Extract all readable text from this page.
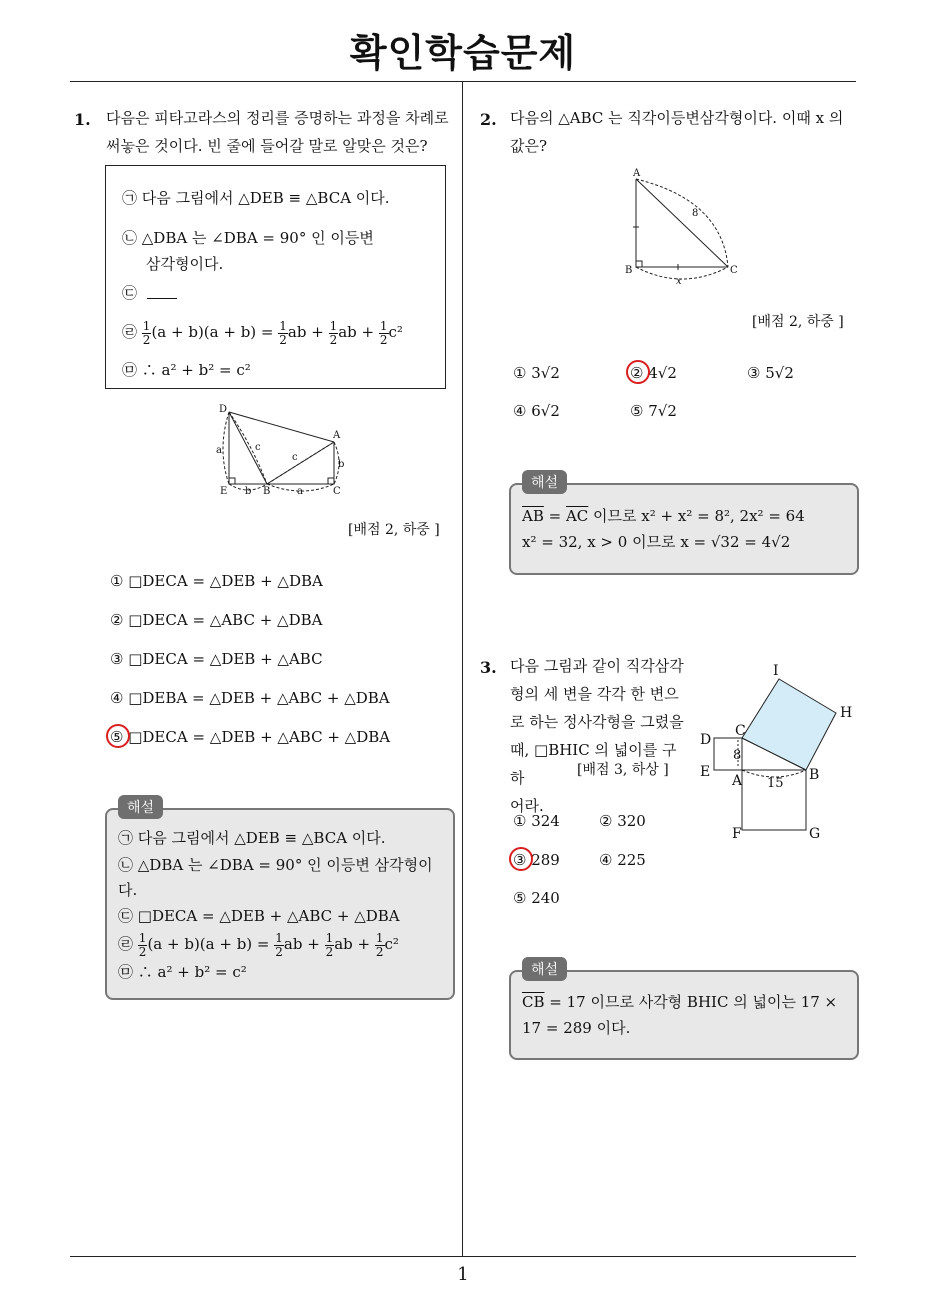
확인학습문제
1
1. 다음은 피타고라스의 정리를 증명하는 과정을 차례로
써놓은 것이다. 빈 줄에 들어갈 말로 알맞은 것은?
㉠ 다음 그림에서 △DEB ≡ △BCA 이다.
㉡ △DBA 는 ∠DBA = 90° 인 이등변
삼각형이다.
㉢
㉣ $\frac{1}{2} (a + b)(a + b) = \frac{1}{2}$ ab + $\frac{1}{2}$ ab + $\frac{1}{2} c^2$
㉤ ∴ a² + b² = c²
D
A
E	B	C
a	c
c
b
b	a
[배점 2, 하중 ]
① □DECA = △DEB + △DBA
② □DECA = △ABC + △DBA
③ □DECA = △DEB + △ABC
④ □DEBA = △DEB + △ABC + △DBA
⑤ □DECA = △DEB + △ABC + △DBA
해설
㉠ 다음 그림에서 △DEB ≡ △BCA 이다.
㉡ △DBA 는 ∠DBA = 90° 인 이등변 삼각형이
다.
㉢ □DECA = △DEB + △ABC + △DBA
㉣ $\frac{1}{2} (a + b)(a + b) = \frac{1}{2}$ ab + $\frac{1}{2}$ ab + $\frac{1}{2} c^2$
㉤ ∴ a² + b² = c²
2. 다음의 △ABC 는 직각이등변삼각형이다. 이때 x 의
값은?
A
B	C
8
x
[배점 2, 하중 ]
① 3√2	② 4√2	③ 5√2
④ 6√2	⑤ 7√2
해설
$\overline{AB} = \overline{AC}$ 이므로 x² + x² = 8², 2x² = 64
x² = 32, x > 0 이므로 x = √32 = 4√2
3. 다음 그림과 같이 직각삼각
형의 세 변을 각각 한 변으
로 하는 정사각형을 그렸을
때, □BHIC 의 넓이를 구하
어라.
[배점 3, 하상 ]
I
H
C
D
8
E
A	B
15
F	G
① 324	② 320
③ 289	④ 225
⑤ 240
해설
$\overline{CB} = 17$ 이므로 사각형 BHIC 의 넓이는 17 ×
17 = 289 이다.
